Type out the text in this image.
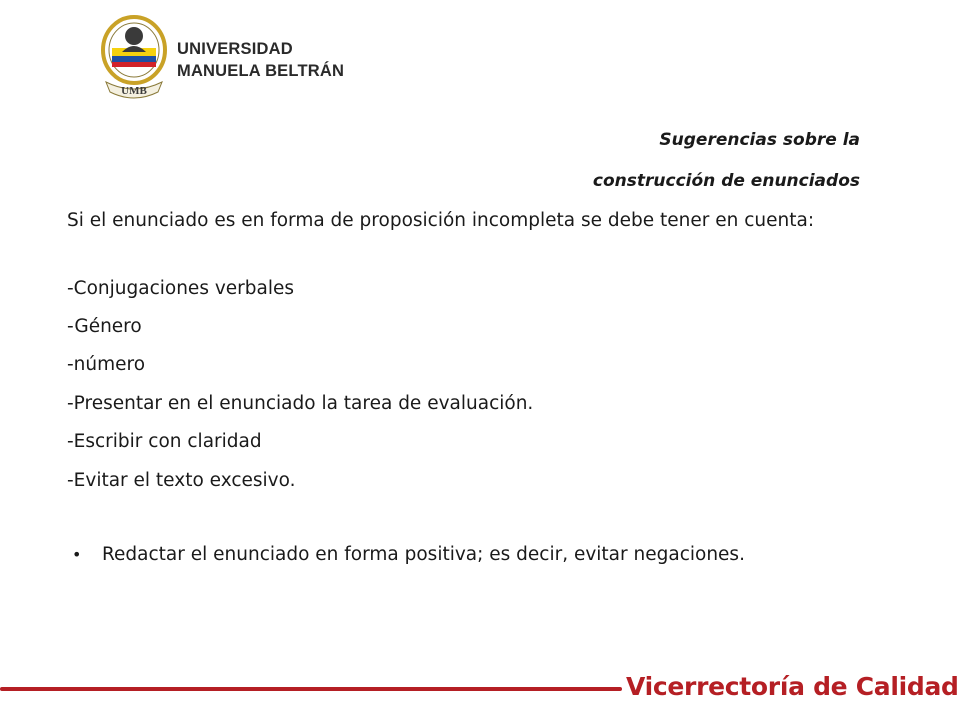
UMB
UNIVERSIDAD
MANUELA BELTRÁN
Sugerencias sobre la
construcción de enunciados
Si el enunciado es en forma de proposición incompleta se debe tener en cuenta:
-Conjugaciones verbales
-Género
-número
-Presentar en el enunciado la tarea de evaluación.
-Escribir con claridad
-Evitar el texto excesivo.
• Redactar el enunciado en forma positiva; es decir, evitar negaciones.
Vicerrectoría de Calidad
